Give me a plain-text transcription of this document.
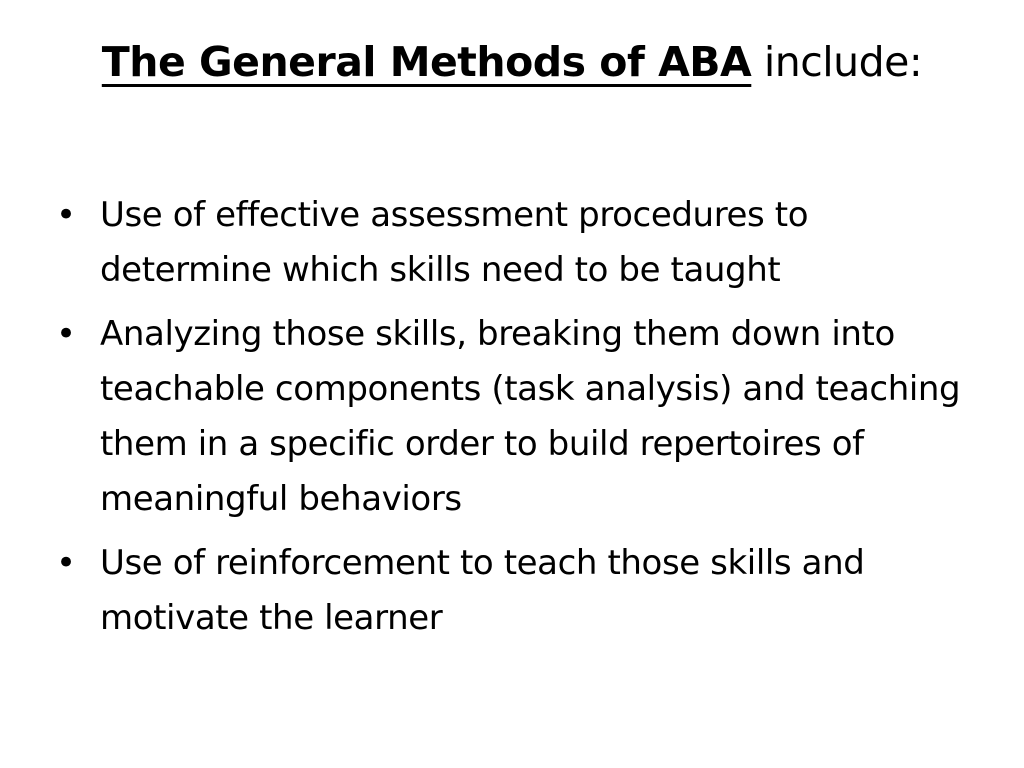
The General Methods of ABA include:
• Use of effective assessment procedures to determine which skills need to be taught
• Analyzing those skills, breaking them down into teachable components (task analysis) and teaching them in a specific order to build repertoires of meaningful behaviors
• Use of reinforcement to teach those skills and motivate the learner
